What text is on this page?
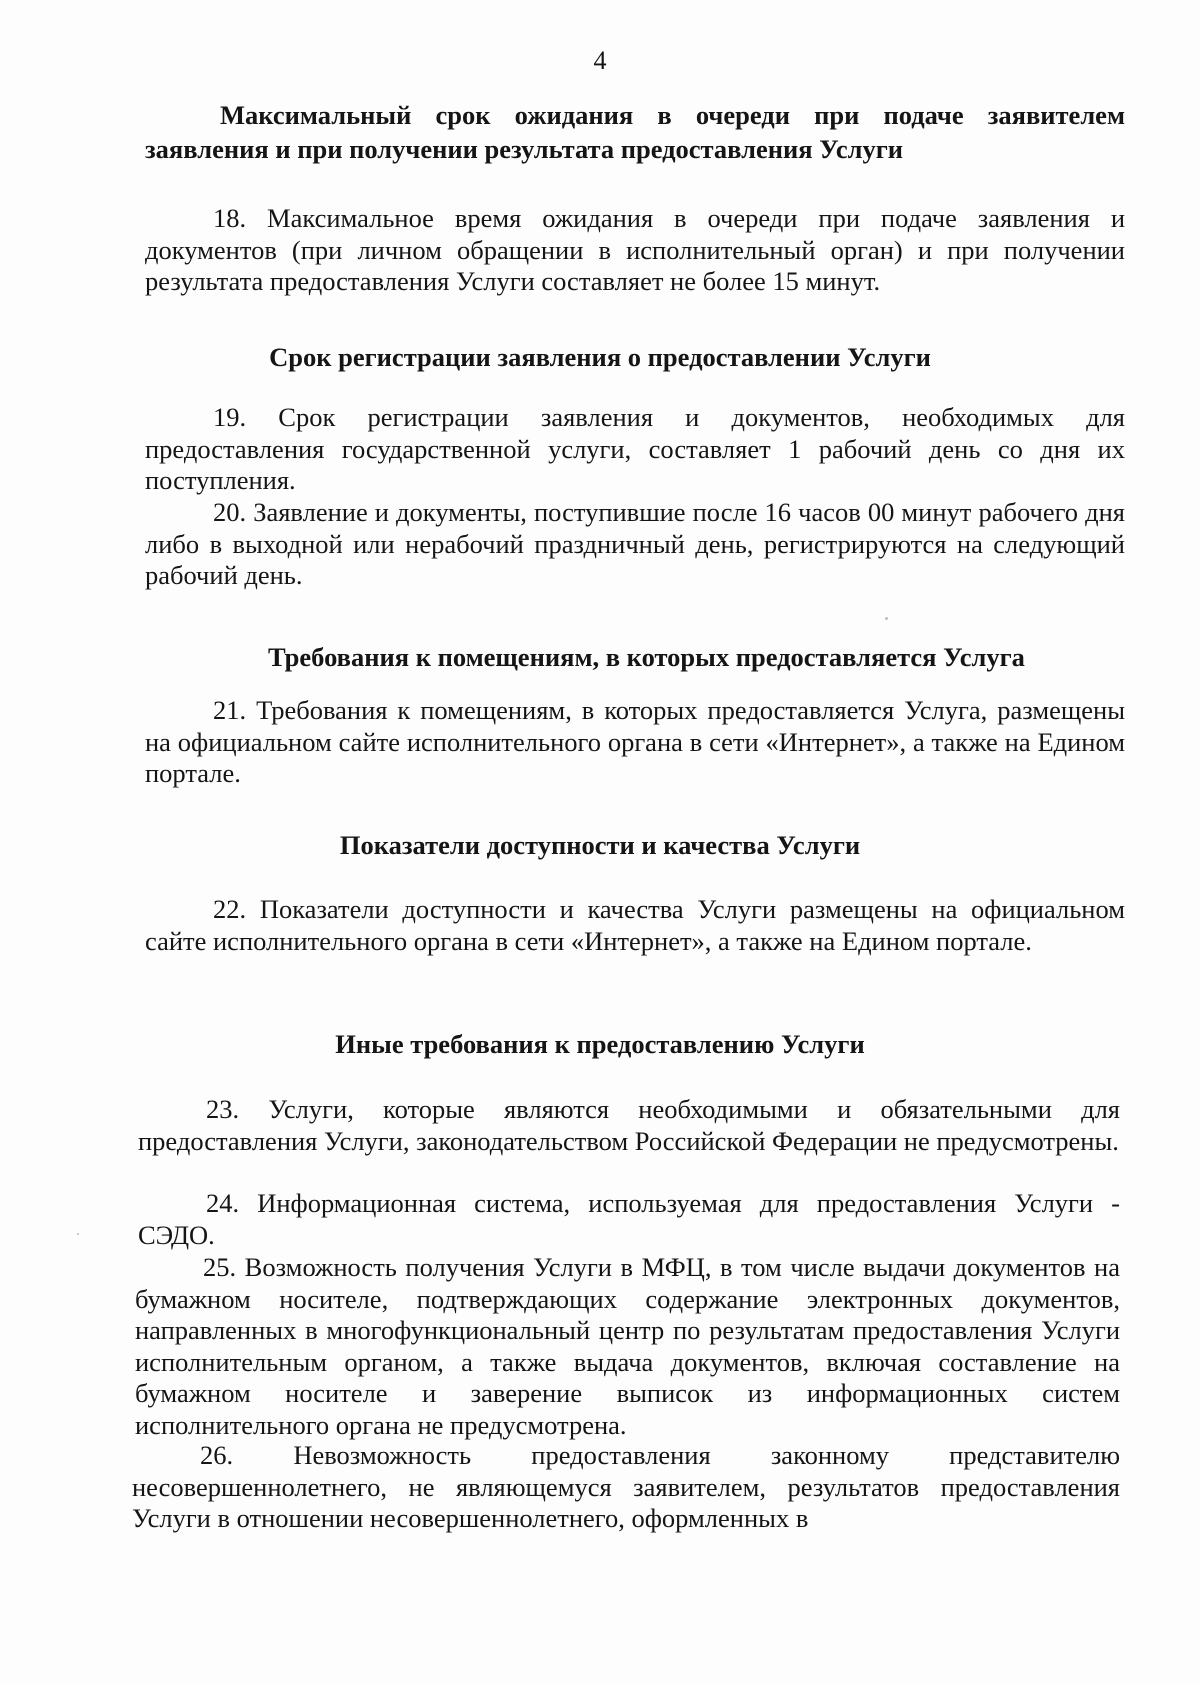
4

Максимальный срок ожидания в очереди при подаче заявителем заявления и при получении результата предоставления Услуги

18. Максимальное время ожидания в очереди при подаче заявления и документов (при личном обращении в исполнительный орган) и при получении результата предоставления Услуги составляет не более 15 минут.

Срок регистрации заявления о предоставлении Услуги

19. Срок регистрации заявления и документов, необходимых для предоставления государственной услуги, составляет 1 рабочий день со дня их поступления.

20. Заявление и документы, поступившие после 16 часов 00 минут рабочего дня либо в выходной или нерабочий праздничный день, регистрируются на следующий рабочий день.

Требования к помещениям, в которых предоставляется Услуга

21. Требования к помещениям, в которых предоставляется Услуга, размещены на официальном сайте исполнительного органа в сети «Интернет», а также на Едином портале.

Показатели доступности и качества Услуги

22. Показатели доступности и качества Услуги размещены на официальном сайте исполнительного органа в сети «Интернет», а также на Едином портале.

Иные требования к предоставлению Услуги

23. Услуги, которые являются необходимыми и обязательными для предоставления Услуги, законодательством Российской Федерации не предусмотрены.

24. Информационная система, используемая для предоставления Услуги - СЭДО.

25. Возможность получения Услуги в МФЦ, в том числе выдачи документов на бумажном носителе, подтверждающих содержание электронных документов, направленных в многофункциональный центр по результатам предоставления Услуги исполнительным органом, а также выдача документов, включая составление на бумажном носителе и заверение выписок из информационных систем исполнительного органа не предусмотрена.

26. Невозможность предоставления законному представителю несовершеннолетнего, не являющемуся заявителем, результатов предоставления Услуги в отношении несовершеннолетнего, оформленных в
